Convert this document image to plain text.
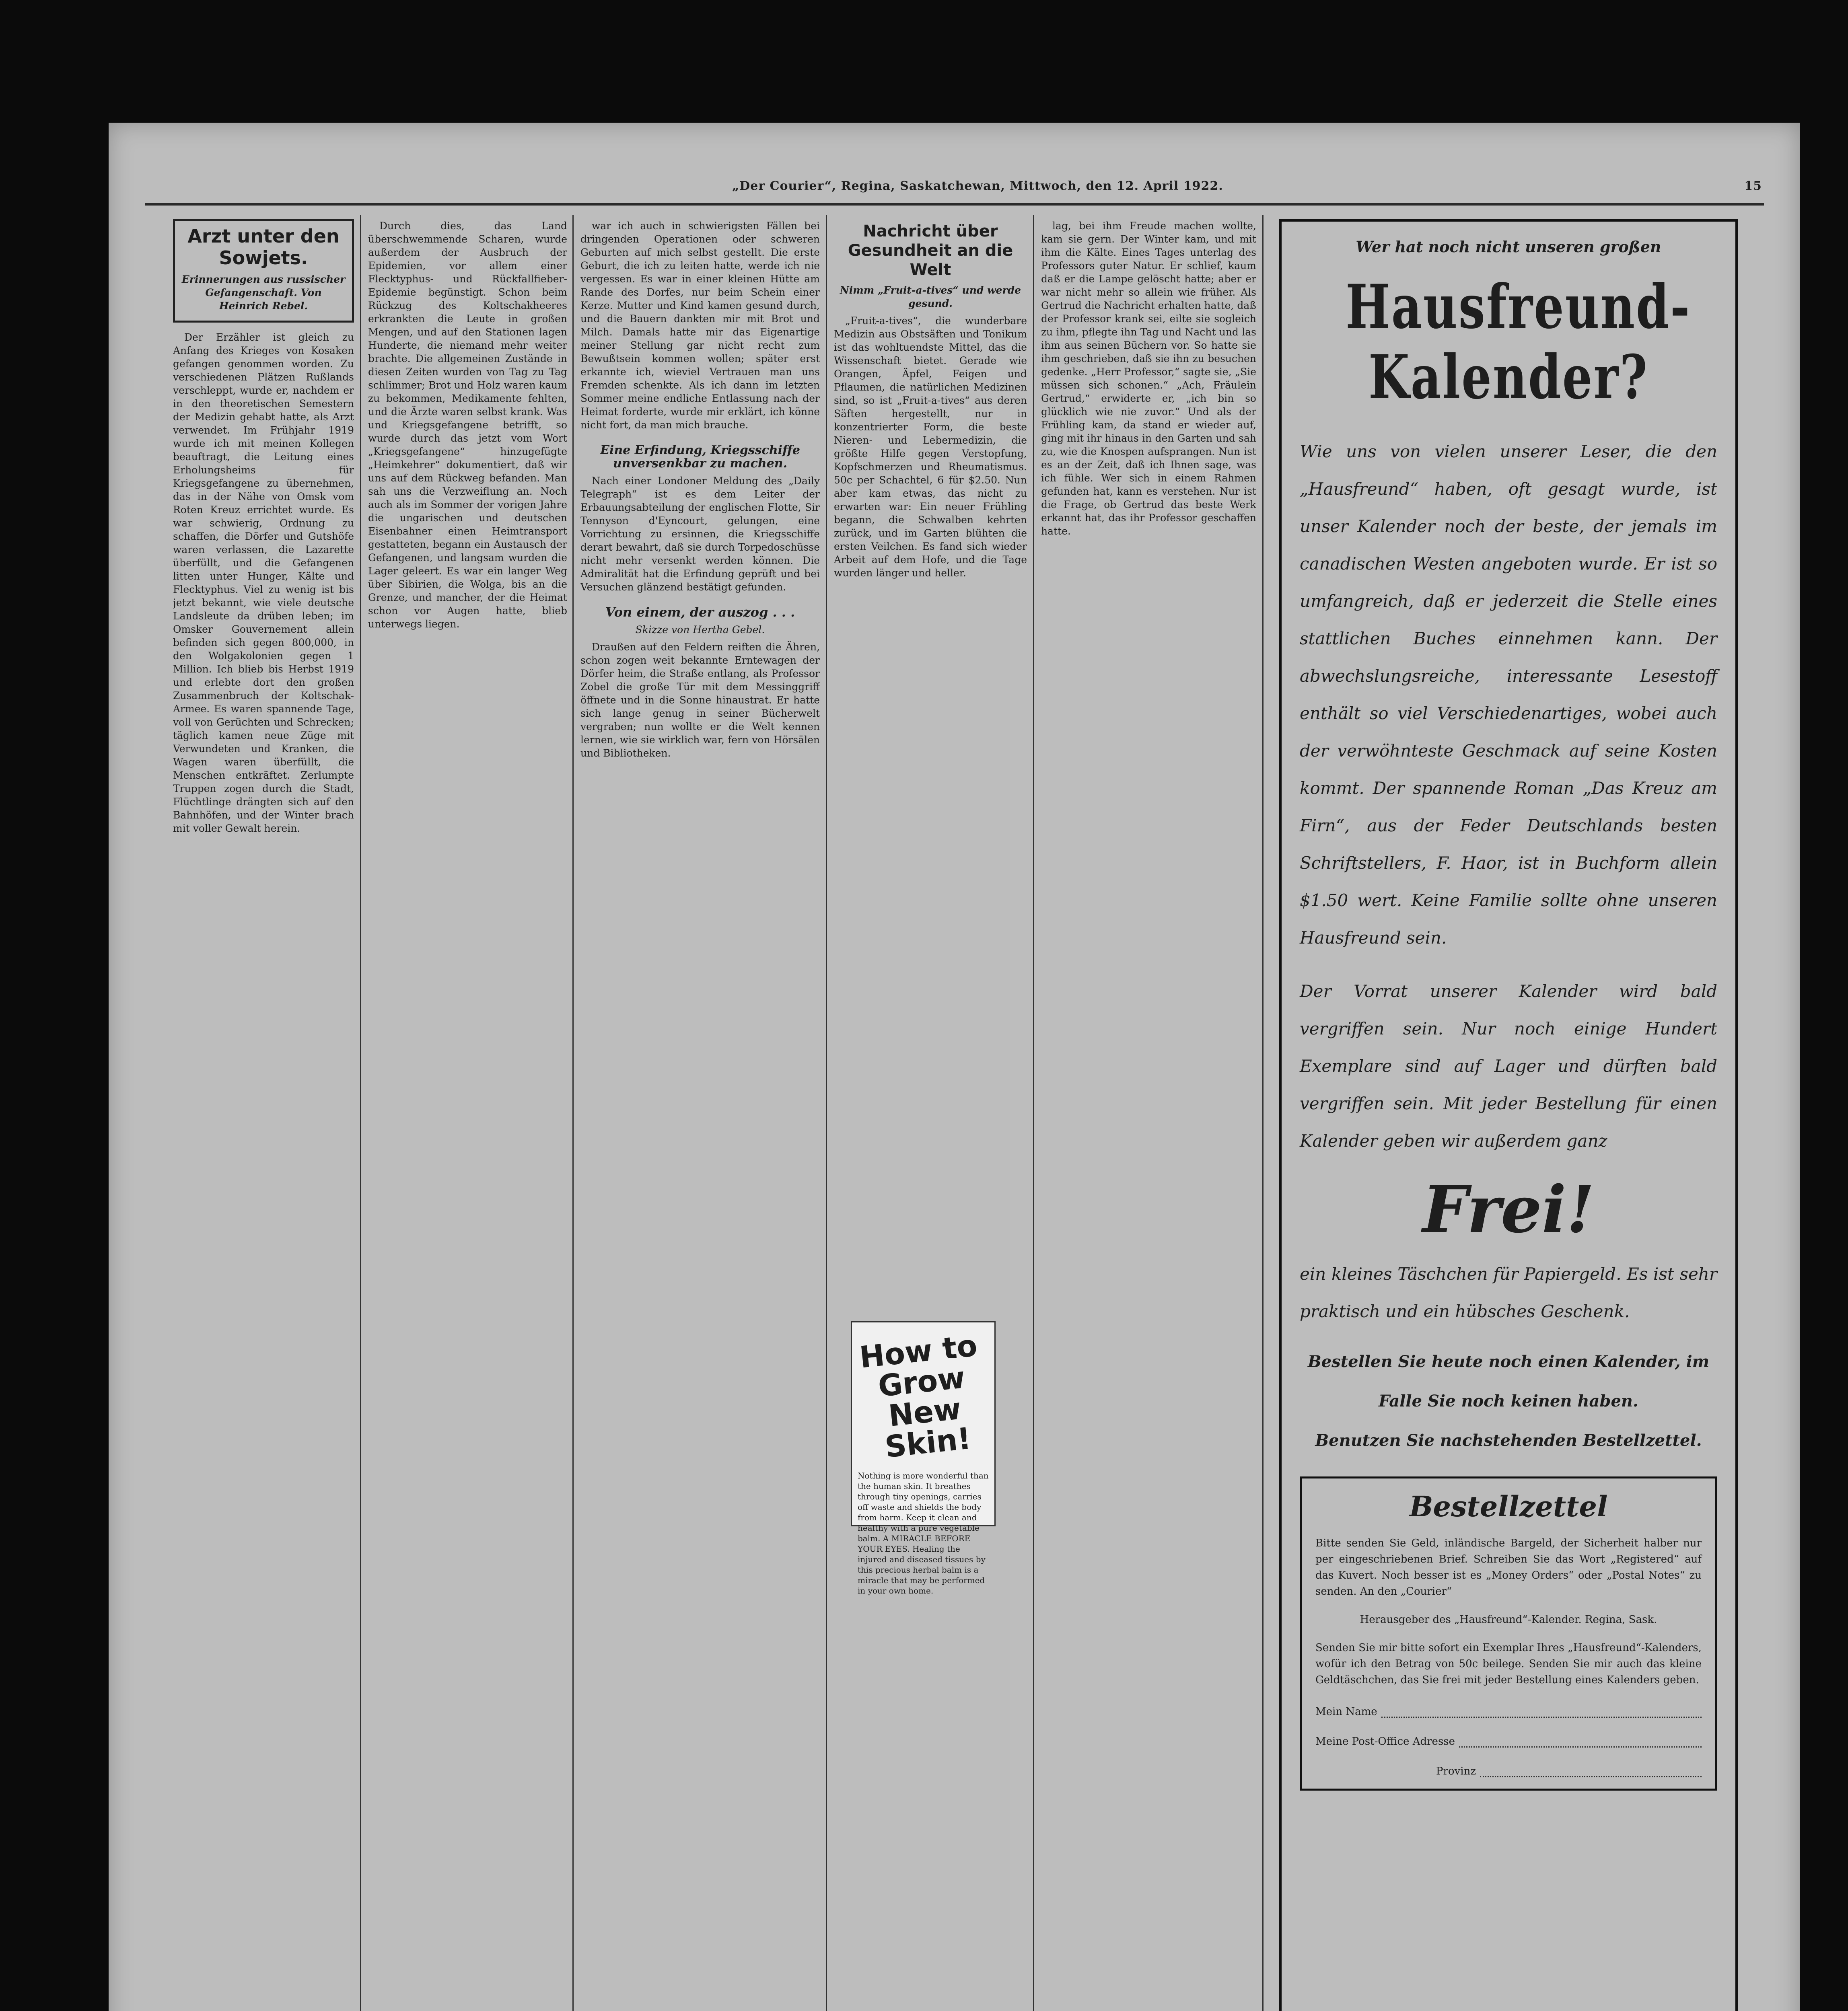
„Der Courier“, Regina, Saskatchewan, Mittwoch, den 12. April 1922.	15
Arzt unter den Sowjets.
Erinnerungen aus russischer Gefangenschaft. Von Heinrich Rebel.

Der Erzähler ist gleich zu Anfang des Krieges von Kosaken gefangen genommen worden. Zu verschiedenen Plätzen Rußlands verschleppt, wurde er, nachdem er in den theoretischen Semestern der Medizin gehabt hatte, als Arzt verwendet. Im Frühjahr 1919 wurde ich mit meinen Kollegen beauftragt, die Leitung eines Erholungsheims für Kriegsgefangene zu übernehmen, das in der Nähe von Omsk vom Roten Kreuz errichtet wurde. Es war schwierig, Ordnung zu schaffen, die Dörfer und Gutshöfe waren verlassen, die Lazarette überfüllt, und die Gefangenen litten unter Hunger, Kälte und Flecktyphus. Viel zu wenig ist bis jetzt bekannt, wie viele deutsche Landsleute da drüben leben; im Omsker Gouvernement allein befinden sich gegen 800,000, in den Wolgakolonien gegen 1 Million. Ich blieb bis Herbst 1919 und erlebte dort den großen Zusammenbruch der Koltschak-Armee. Es waren spannende Tage, voll von Gerüchten und Schrecken; täglich kamen neue Züge mit Verwundeten und Kranken, die Wagen waren überfüllt, die Menschen entkräftet. Zerlumpte Truppen zogen durch die Stadt, Flüchtlinge drängten sich auf den Bahnhöfen, und der Winter brach mit voller Gewalt herein.

Durch dies, das Land überschwemmende Scharen, wurde außerdem der Ausbruch der Epidemien, vor allem einer Flecktyphus- und Rückfallfieber-Epidemie begünstigt. Schon beim Rückzug des Koltschakheeres erkrankten die Leute in großen Mengen, und auf den Stationen lagen Hunderte, die niemand mehr weiter brachte. Die allgemeinen Zustände in diesen Zeiten wurden von Tag zu Tag schlimmer; Brot und Holz waren kaum zu bekommen, Medikamente fehlten, und die Ärzte waren selbst krank. Was und Kriegsgefangene betrifft, so wurde durch das jetzt vom Wort „Kriegsgefangene“ hinzugefügte „Heimkehrer“ dokumentiert, daß wir uns auf dem Rückweg befanden. Man sah uns die Verzweiflung an. Noch auch als im Sommer der vorigen Jahre die ungarischen und deutschen Eisenbahner einen Heimtransport gestatteten, begann ein Austausch der Gefangenen, und langsam wurden die Lager geleert. Es war ein langer Weg über Sibirien, die Wolga, bis an die Grenze, und mancher, der die Heimat schon vor Augen hatte, blieb unterwegs liegen.

war ich auch in schwierigsten Fällen bei dringenden Operationen oder schweren Geburten auf mich selbst gestellt. Die erste Geburt, die ich zu leiten hatte, werde ich nie vergessen. Es war in einer kleinen Hütte am Rande des Dorfes, nur beim Schein einer Kerze. Mutter und Kind kamen gesund durch, und die Bauern dankten mir mit Brot und Milch. Damals hatte mir das Eigenartige meiner Stellung gar nicht recht zum Bewußtsein kommen wollen; später erst erkannte ich, wieviel Vertrauen man uns Fremden schenkte. Als ich dann im letzten Sommer meine endliche Entlassung nach der Heimat forderte, wurde mir erklärt, ich könne nicht fort, da man mich brauche.

Eine Erfindung, Kriegsschiffe unversenkbar zu machen.

Nach einer Londoner Meldung des „Daily Telegraph“ ist es dem Leiter der Erbauungsabteilung der englischen Flotte, Sir Tennyson d'Eyncourt, gelungen, eine Vorrichtung zu ersinnen, die Kriegsschiffe derart bewahrt, daß sie durch Torpedoschüsse nicht mehr versenkt werden können. Die Admiralität hat die Erfindung geprüft und bei Versuchen glänzend bestätigt gefunden.

Von einem, der auszog . . .
Skizze von Hertha Gebel.

Draußen auf den Feldern reiften die Ähren, schon zogen weit bekannte Erntewagen der Dörfer heim, die Straße entlang, als Professor Zobel die große Tür mit dem Messinggriff öffnete und in die Sonne hinaustrat. Er hatte sich lange genug in seiner Bücherwelt vergraben; nun wollte er die Welt kennen lernen, wie sie wirklich war, fern von Hörsälen und Bibliotheken.

Nachricht über Gesundheit an die Welt
Nimm „Fruit-a-tives“ und werde gesund.

„Fruit-a-tives“, die wunderbare Medizin aus Obstsäften und Tonikum ist das wohltuendste Mittel, das die Wissenschaft bietet. Gerade wie Orangen, Äpfel, Feigen und Pflaumen, die natürlichen Medizinen sind, so ist „Fruit-a-tives“ aus deren Säften hergestellt, nur in konzentrierter Form, die beste Nieren- und Lebermedizin, die größte Hilfe gegen Verstopfung, Kopfschmerzen und Rheumatismus. 50c per Schachtel, 6 für $2.50. Nun aber kam etwas, das nicht zu erwarten war: Ein neuer Frühling begann, die Schwalben kehrten zurück, und im Garten blühten die ersten Veilchen. Es fand sich wieder Arbeit auf dem Hofe, und die Tage wurden länger und heller.

How to Grow New Skin!
Nothing is more wonderful than the human skin. It breathes through tiny openings, carries off waste and shields the body from harm. Keep it clean and healthy with a pure vegetable balm. A MIRACLE BEFORE YOUR EYES. Healing the injured and diseased tissues by this precious herbal balm is a miracle that may be performed in your own home.

lag, bei ihm Freude machen wollte, kam sie gern. Der Winter kam, und mit ihm die Kälte. Eines Tages unterlag des Professors guter Natur. Er schlief, kaum daß er die Lampe gelöscht hatte; aber er war nicht mehr so allein wie früher. Als Gertrud die Nachricht erhalten hatte, daß der Professor krank sei, eilte sie sogleich zu ihm, pflegte ihn Tag und Nacht und las ihm aus seinen Büchern vor. So hatte sie ihm geschrieben, daß sie ihn zu besuchen gedenke. „Herr Professor,“ sagte sie, „Sie müssen sich schonen.“ „Ach, Fräulein Gertrud,“ erwiderte er, „ich bin so glücklich wie nie zuvor.“ Und als der Frühling kam, da stand er wieder auf, ging mit ihr hinaus in den Garten und sah zu, wie die Knospen aufsprangen. Nun ist es an der Zeit, daß ich Ihnen sage, was ich fühle. Wer sich in einem Rahmen gefunden hat, kann es verstehen. Nur ist die Frage, ob Gertrud das beste Werk erkannt hat, das ihr Professor geschaffen hatte.

Wer hat noch nicht unseren großen
Hausfreund-
Kalender?
Wie uns von vielen unserer Leser, die den „Hausfreund“ haben, oft gesagt wurde, ist unser Kalender noch der beste, der jemals im canadischen Westen angeboten wurde. Er ist so umfangreich, daß er jederzeit die Stelle eines stattlichen Buches einnehmen kann. Der abwechslungsreiche, interessante Lesestoff enthält so viel Verschiedenartiges, wobei auch der verwöhnteste Geschmack auf seine Kosten kommt. Der spannende Roman „Das Kreuz am Firn“, aus der Feder Deutschlands besten Schriftstellers, F. Haor, ist in Buchform allein $1.50 wert. Keine Familie sollte ohne unseren Hausfreund sein.
Der Vorrat unserer Kalender wird bald vergriffen sein. Nur noch einige Hundert Exemplare sind auf Lager und dürften bald vergriffen sein. Mit jeder Bestellung für einen Kalender geben wir außerdem ganz
Frei!
ein kleines Täschchen für Papiergeld. Es ist sehr praktisch und ein hübsches Geschenk.
Bestellen Sie heute noch einen Kalender, im Falle Sie noch keinen haben.
Benutzen Sie nachstehenden Bestellzettel.
Bestellzettel
Bitte senden Sie Geld, inländische Bargeld, der Sicherheit halber nur per eingeschriebenen Brief. Schreiben Sie das Wort „Registered“ auf das Kuvert. Noch besser ist es „Money Orders“ oder „Postal Notes“ zu senden. An den „Courier“
Herausgeber des „Hausfreund“-Kalender. Regina, Sask.
Senden Sie mir bitte sofort ein Exemplar Ihres „Hausfreund“-Kalenders, wofür ich den Betrag von 50c beilege. Senden Sie mir auch das kleine Geldtäschchen, das Sie frei mit jeder Bestellung eines Kalenders geben.
Mein Name
Meine Post-Office Adresse
Provinz
